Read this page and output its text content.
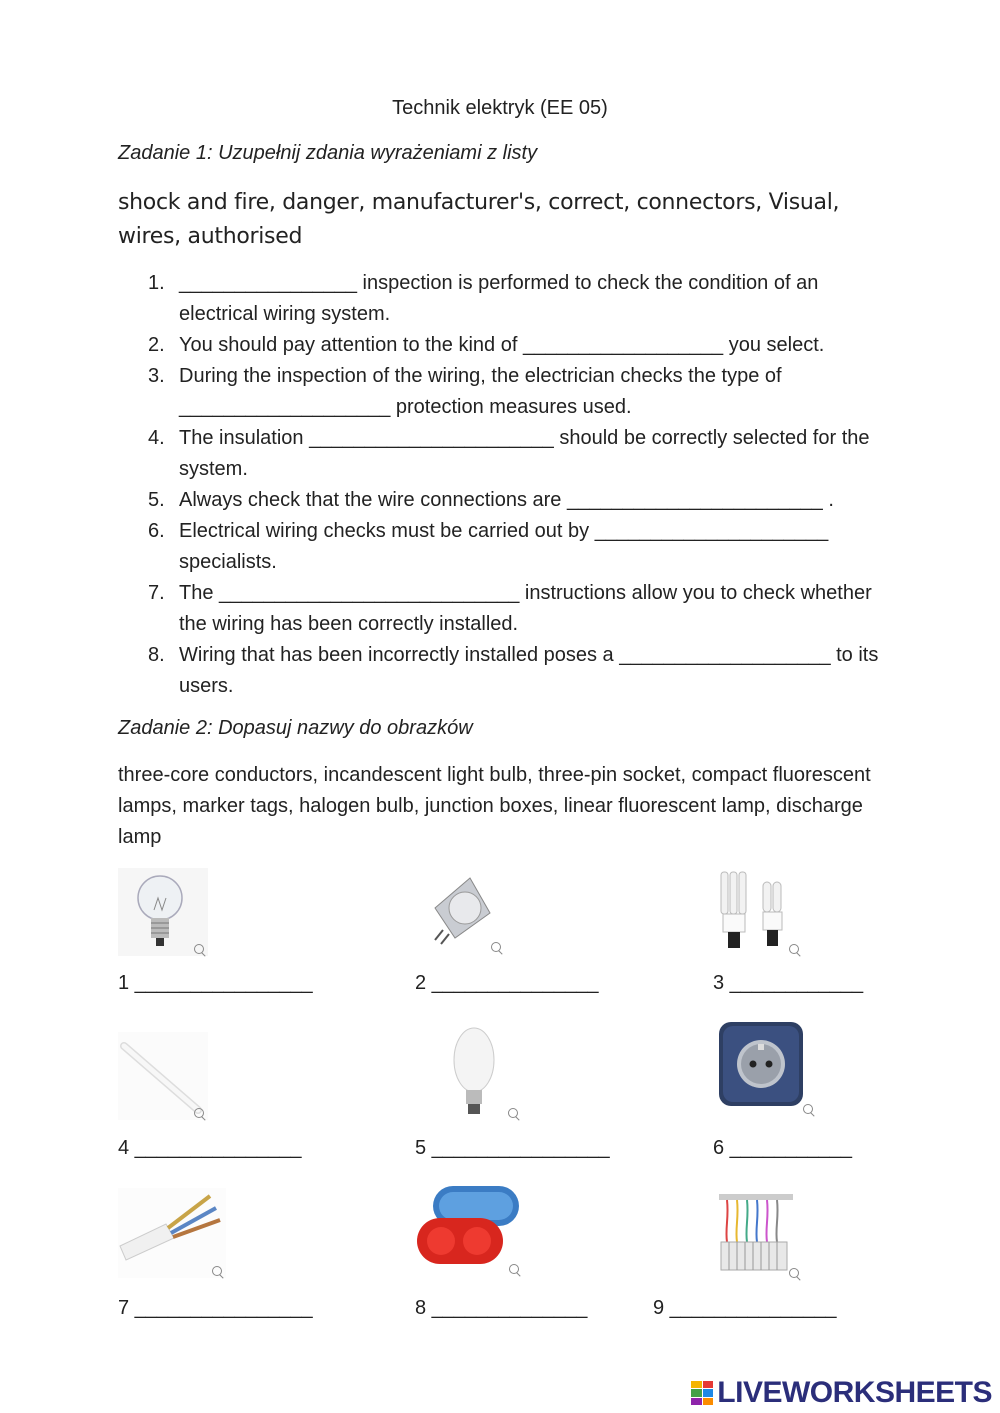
Technik elektryk (EE 05)
Zadanie 1: Uzupełnij zdania wyrażeniami z listy
shock and fire, danger, manufacturer's, correct, connectors, Visual, wires, authorised
1. ________________ inspection is performed to check the condition of an electrical wiring system.
2. You should pay attention to the kind of __________________ you select.
3. During the inspection of the wiring, the electrician checks the type of ___________________ protection measures used.
4. The insulation ______________________ should be correctly selected for the system.
5. Always check that the wire connections are _______________________ .
6. Electrical wiring checks must be carried out by _____________________ specialists.
7. The ___________________________ instructions allow you to check whether the wiring has been correctly installed.
8. Wiring that has been incorrectly installed poses a ___________________ to its users.
Zadanie 2: Dopasuj nazwy do obrazków
three-core conductors, incandescent light bulb, three-pin socket, compact fluorescent lamps, marker tags, halogen bulb, junction boxes, linear fluorescent lamp, discharge lamp
1 ________________	2 _______________	3 ____________
4 _______________	5 ________________	6 ___________
7 ________________	8 ______________	9 _______________
LIVEWORKSHEETS
